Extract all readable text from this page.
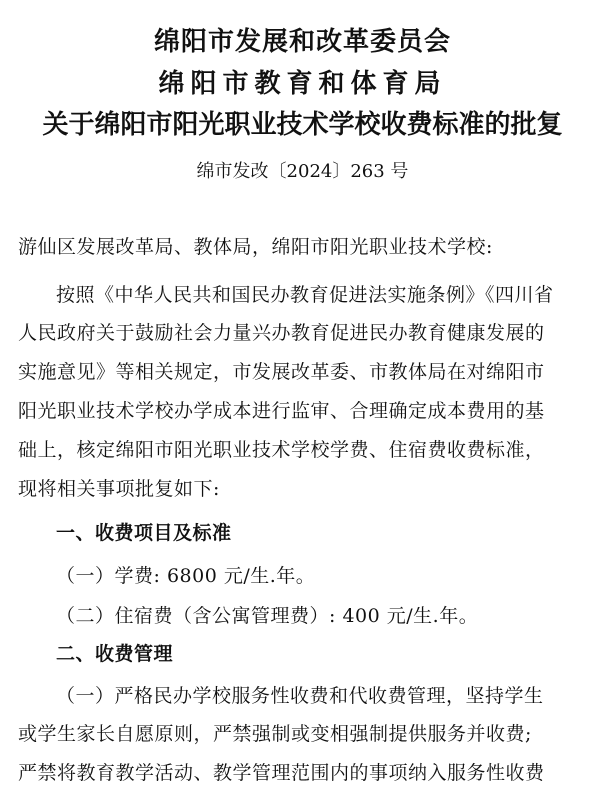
绵阳市发展和改革委员会
绵阳市教育和体育局
关于绵阳市阳光职业技术学校收费标准的批复
绵市发改〔2024〕263 号
游仙区发展改革局、教体局，绵阳市阳光职业技术学校:
按照《中华人民共和国民办教育促进法实施条例》《四川省
人民政府关于鼓励社会力量兴办教育促进民办教育健康发展的
实施意见》等相关规定，市发展改革委、市教体局在对绵阳市
阳光职业技术学校办学成本进行监审、合理确定成本费用的基
础上，核定绵阳市阳光职业技术学校学费、住宿费收费标准，
现将相关事项批复如下:
一、收费项目及标准
（一）学费: 6800 元/生.年。
（二）住宿费（含公寓管理费）: 400 元/生.年。
二、收费管理
（一）严格民办学校服务性收费和代收费管理，坚持学生
或学生家长自愿原则，严禁强制或变相强制提供服务并收费;
严禁将教育教学活动、教学管理范围内的事项纳入服务性收费
